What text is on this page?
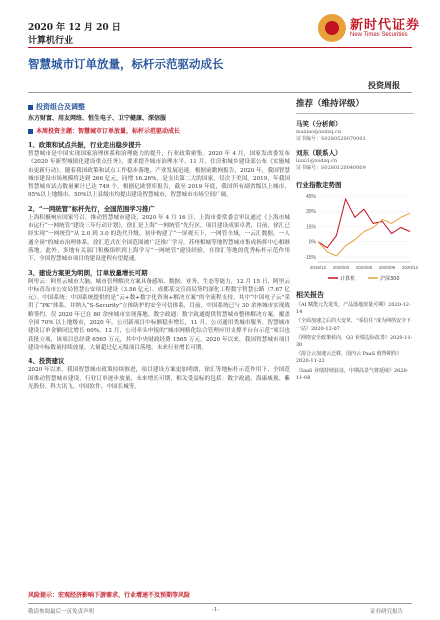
2020 年 12 月 20 日
计算机行业
新时代证券
New Times Securities
智慧城市订单放量，标杆示范驱动成长
投资周报
投资组合及调整
东方财富、用友网络、恒生电子、卫宁健康、深信服
本周投资主题：智慧城市订单放量，标杆示范驱动成长
1、政策和试点共振，行业走出稳步提升
智慧城市是中国实现国家治理体系和治理能力的提升，行业政策密集。2020 年 4 月，国家发改委发布《2020 年新型城镇化建设重点任务》，要求提升城市治理水平。11 月，住房和城乡建设部公布《实施城市更新行动》，随着我国政策和试点工作稳步落地，产业发展迅速。根据前瞻网报告，2020 年，我国智慧城市建设市场规模将达到 266 亿元，同增 16.26%，是支出第二大的国家，仅次于美国。2019，年我国智慧城市试点数量累计已达 749 个，根据亿欧智库报告，截至 2019 年底，我国所有副省级以上城市、95%以上地级市、50%以上县级市均提出建设智慧城市，智慧城市市场空间广阔。
2、“一网统管”标杆先行，全国范围学习推广
上海积极响应国家号召，推动智慧城市建设，2020 年 4 月 16 日，上海市委常委会审议通过《上海市城市运行“一网统管”建设三年行动计划》，徐汇是上海“一网统管”先行区，项目建设成果卓著，目前，徐汇已经实现“一网统管”从 2.0 到 3.0 的迭代升级，初步构建了“一屏观天下，一网管全域，一云汇数据，一人通全岗”的城市治理体系。徐汇范式在全国范围被广泛推广学习，苏州相城等地智慧城市集成指挥中心相继落地。此外，多地有关部门积极组织到上海学习“一网统管”建设经验，在徐汇等地的优秀标杆示范作用下，全国智慧城市项目的建设进程有望提速。
3、建设方案更为明朗，订单放量增长可期
阿里云：阿里云城市大脑，城市管理解决方案具备感知、数据、业务、生态等能力，12 月 15 日，阿里云中标青岛市公安局智慧公安项目建设（3.56 亿元）、成都某交宣商局签约深化工程数字智慧公路（7.67 亿元）。中国系统：中国系统提供的是“云+数+数字化咨询+解决方案”的全流程支持，其中“中国电子云”采用了“PK”体系、并纳入“S-Security”立体防护的安全可信体系，目前，中国系统已与 30 余座城市实现战略签约，仅 2020 年已在 80 余座城市实现落地。数字政通：数字政通提供智慧城市整体解决方案，覆盖全国 70% 以上地级市，2020 年，公司新项目中标额稳步增长，11 月，公司通用类城市服务、智慧城市建设订单金额同比增长 60%。12 月，公司牵头申报的“城市网格化综合管理应用支撑平台台示范”项目也获批立项，该项目总经费 6565 万元，其中中央财政经费 1565 万元。2020 年以来，我国智慧城市项目建设中标数量持续放量，大量超过亿元级项目落地，未来行业增长可期。
4、投资建议
2020 年以来，我国智慧城市政策持续推进，项目建设方案更加明朗，徐汇等地标杆示范作用下，全国范围推动智慧城市建设，行业订单逐步放量，未来增长可期，相关受益标的包括：数字政通、海康威视、紫光股份、科大讯飞、中国软件、中国长城等。
风险提示：宏观经济影响下游需求，行业增速不及预期等风险
推荐（维持评级）
马笑（分析师）
maxiao@xsdzq.cn
证书编号：S0280520070001
刘东（联系人）
liuxi1@xsdzq.cn
证书编号：S0280120040009
行业指数走势图
45%
30%
15%
0%
-15%
2019/12 2020/03 2020/06 2020/09 2020/12
计算机	沪深300
相关报告
《AI 赋能元先进发，产品落地放量可期》2020-12-14
《全面加速之后的大变革，“零信任”成为网络安全下一站》2020-12-07
《网络安全政策转向，Q3 业绩边际改善》2020-11-30
《混合云加速云迁移，国内云 PaaS 值得期待》2020-11-22
《IaaS 业绩持续验证，中期高景气将延续》2020-11-08
敬请参阅最后一页免责声明	-1-	证券研究报告
